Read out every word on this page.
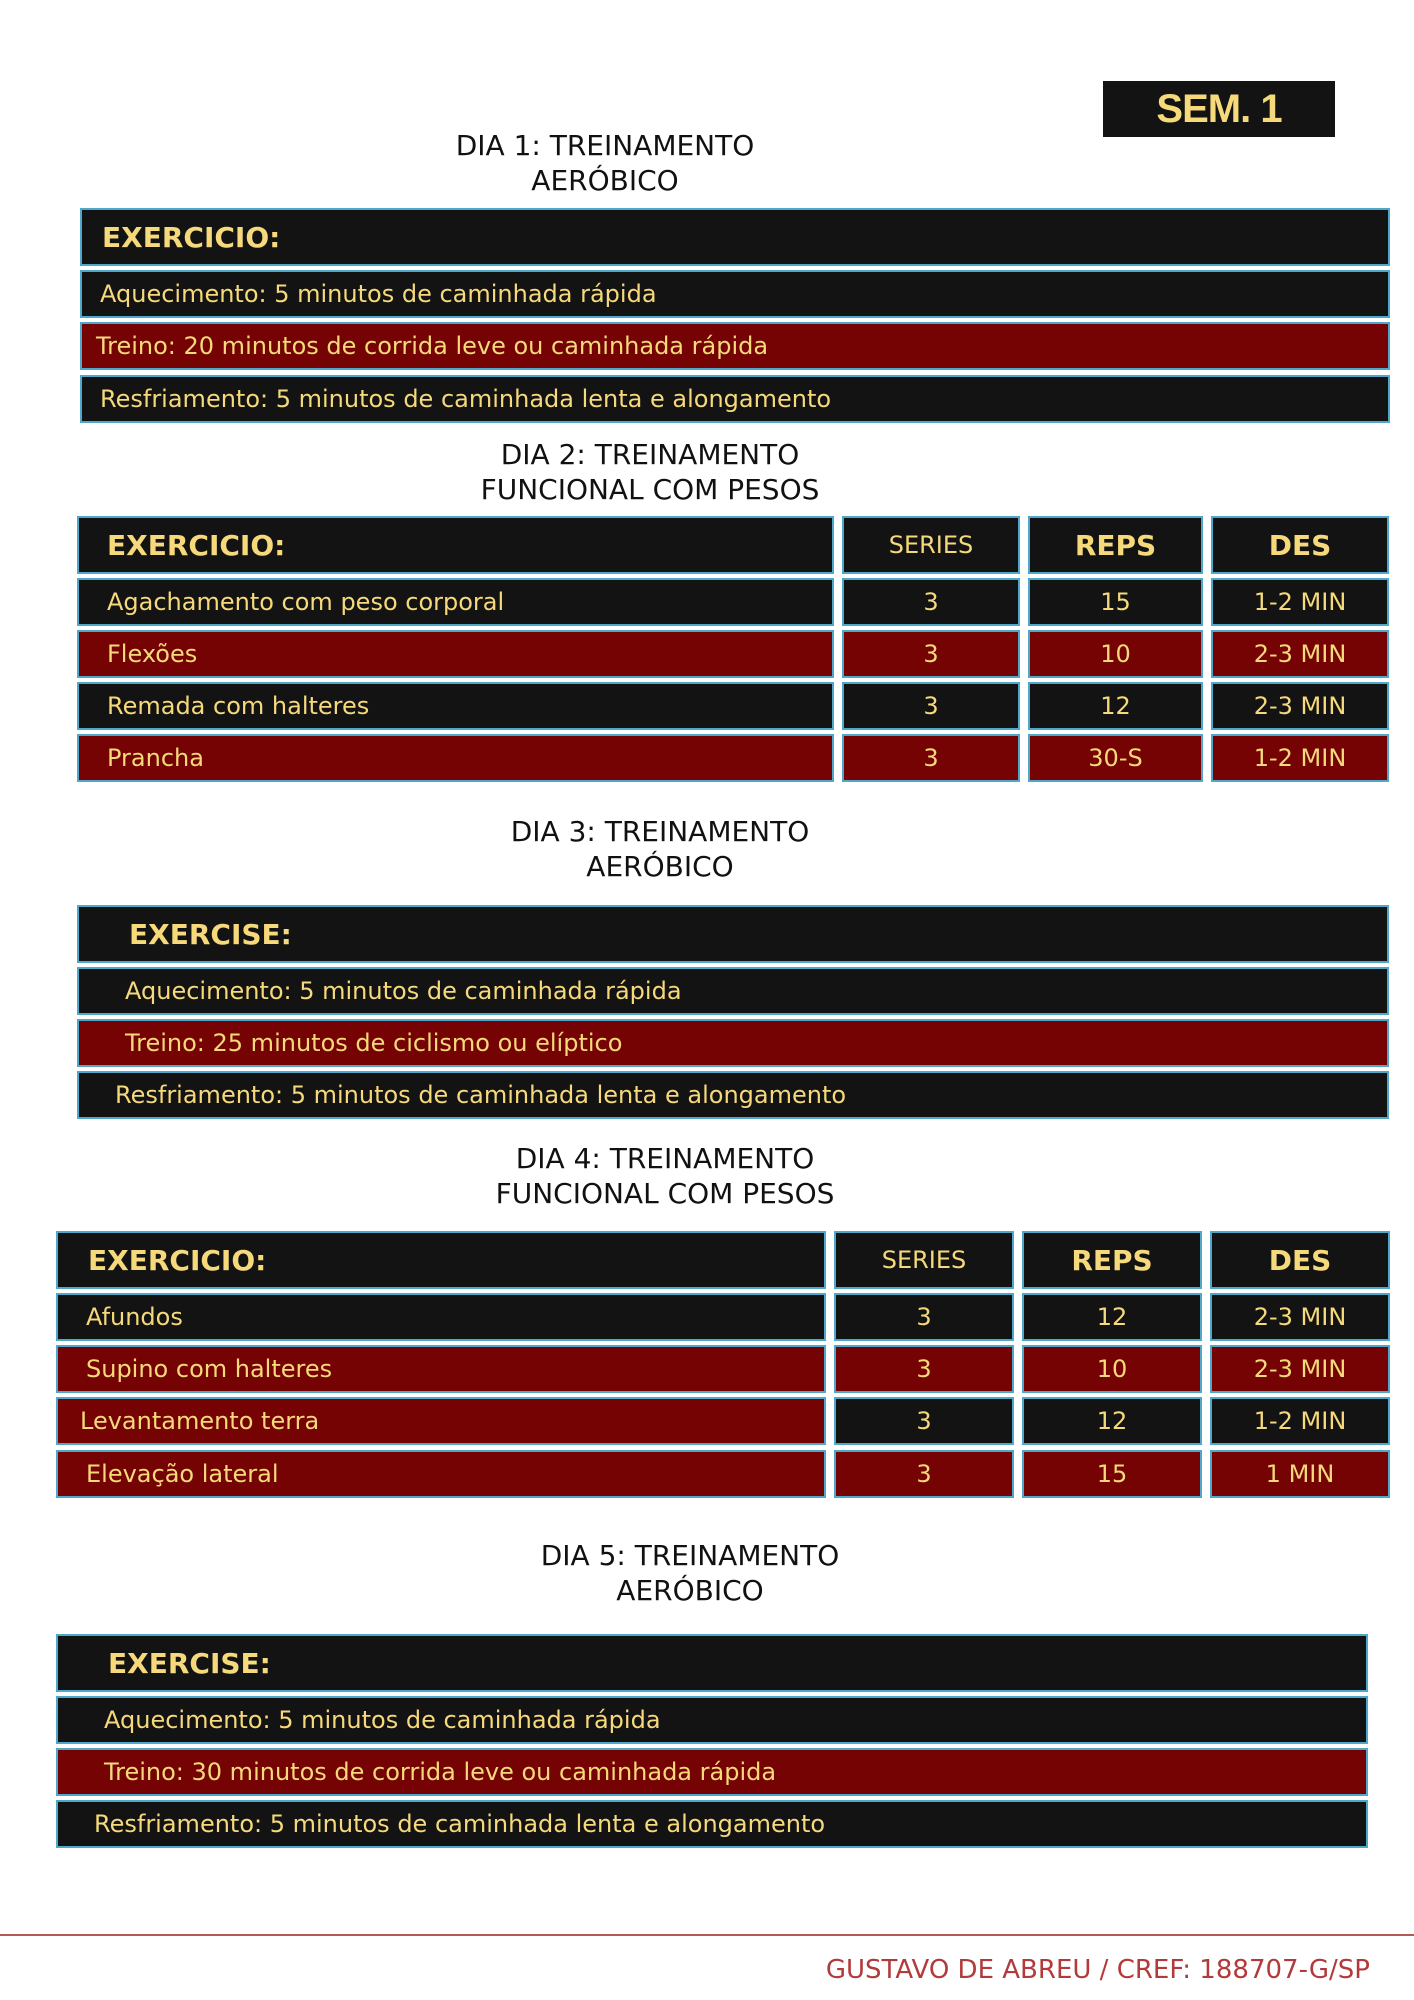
SEM. 1
DIA 1: TREINAMENTO
AERÓBICO
EXERCICIO:
Aquecimento: 5 minutos de caminhada rápida
Treino: 20 minutos de corrida leve ou caminhada rápida
Resfriamento: 5 minutos de caminhada lenta e alongamento
DIA 2: TREINAMENTO
FUNCIONAL COM PESOS
EXERCICIO:	SERIES	REPS	DES
Agachamento com peso corporal	3	15	1-2 MIN
Flexões	3	10	2-3 MIN
Remada com halteres	3	12	2-3 MIN
Prancha	3	30-S	1-2 MIN
DIA 3: TREINAMENTO
AERÓBICO
EXERCISE:
Aquecimento: 5 minutos de caminhada rápida
Treino: 25 minutos de ciclismo ou elíptico
Resfriamento: 5 minutos de caminhada lenta e alongamento
DIA 4: TREINAMENTO
FUNCIONAL COM PESOS
EXERCICIO:	SERIES	REPS	DES
Afundos	3	12	2-3 MIN
Supino com halteres	3	10	2-3 MIN
Levantamento terra	3	12	1-2 MIN
Elevação lateral	3	15	1 MIN
DIA 5: TREINAMENTO
AERÓBICO
EXERCISE:
Aquecimento: 5 minutos de caminhada rápida
Treino: 30 minutos de corrida leve ou caminhada rápida
Resfriamento: 5 minutos de caminhada lenta e alongamento
GUSTAVO DE ABREU / CREF: 188707-G/SP
